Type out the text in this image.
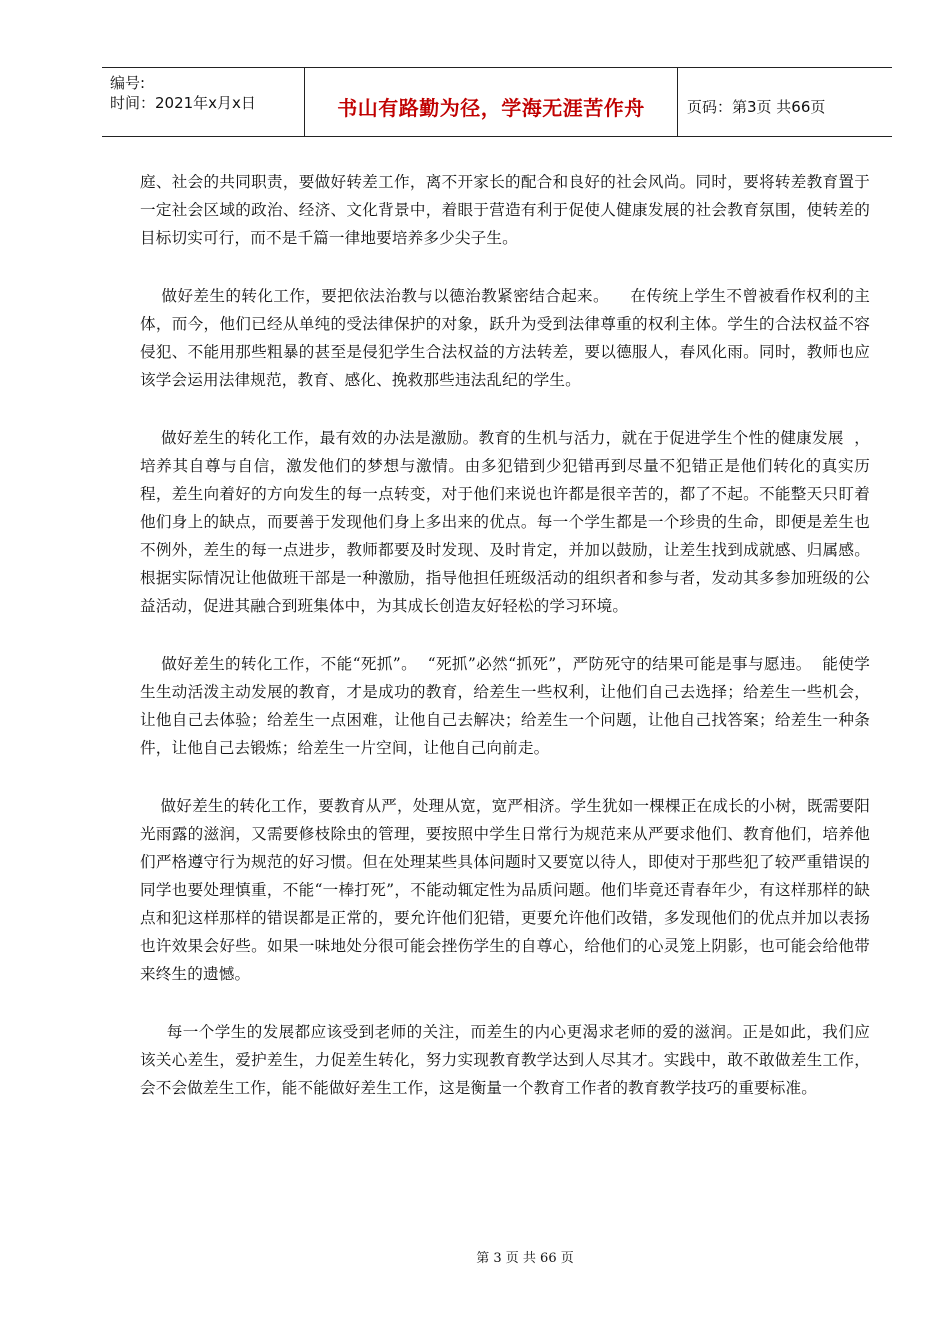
编号:
时间：2021年x月x日	书山有路勤为径，学海无涯苦作舟	页码：第3页 共66页

庭、社会的共同职责，要做好转差工作，离不开家长的配合和良好的社会风尚。同时，要将转差教育置于一定社会区域的政治、经济、文化背景中，着眼于营造有利于促使人健康发展的社会教育氛围，使转差的目标切实可行，而不是千篇一律地要培养多少尖子生。

做好差生的转化工作，要把依法治教与以德治教紧密结合起来。    在传统上学生不曾被看作权利的主体，而今，他们已经从单纯的受法律保护的对象，跃升为受到法律尊重的权利主体。学生的合法权益不容侵犯、不能用那些粗暴的甚至是侵犯学生合法权益的方法转差，要以德服人，春风化雨。同时，教师也应该学会运用法律规范，教育、感化、挽救那些违法乱纪的学生。

做好差生的转化工作，最有效的办法是激励。教育的生机与活力，就在于促进学生个性的健康发展  ，培养其自尊与自信，激发他们的梦想与激情。由多犯错到少犯错再到尽量不犯错正是他们转化的真实历程，差生向着好的方向发生的每一点转变，对于他们来说也许都是很辛苦的，都了不起。不能整天只盯着他们身上的缺点，而要善于发现他们身上多出来的优点。每一个学生都是一个珍贵的生命，即便是差生也不例外，差生的每一点进步，教师都要及时发现、及时肯定，并加以鼓励，让差生找到成就感、归属感。根据实际情况让他做班干部是一种激励，指导他担任班级活动的组织者和参与者，发动其多参加班级的公益活动，促进其融合到班集体中，为其成长创造友好轻松的学习环境。

做好差生的转化工作，不能“死抓”。  “死抓”必然“抓死”，严防死守的结果可能是事与愿违。  能使学生生动活泼主动发展的教育，才是成功的教育，给差生一些权利，让他们自己去选择；给差生一些机会，让他自己去体验；给差生一点困难，让他自己去解决；给差生一个问题，让他自己找答案；给差生一种条件，让他自己去锻炼；给差生一片空间，让他自己向前走。

做好差生的转化工作，要教育从严，处理从宽，宽严相济。学生犹如一棵棵正在成长的小树，既需要阳光雨露的滋润，又需要修枝除虫的管理，要按照中学生日常行为规范来从严要求他们、教育他们，培养他们严格遵守行为规范的好习惯。但在处理某些具体问题时又要宽以待人，即使对于那些犯了较严重错误的同学也要处理慎重，不能“一棒打死”，不能动辄定性为品质问题。他们毕竟还青春年少，有这样那样的缺点和犯这样那样的错误都是正常的，要允许他们犯错，更要允许他们改错，多发现他们的优点并加以表扬也许效果会好些。如果一味地处分很可能会挫伤学生的自尊心，给他们的心灵笼上阴影，也可能会给他带来终生的遗憾。

每一个学生的发展都应该受到老师的关注，而差生的内心更渴求老师的爱的滋润。正是如此，我们应该关心差生，爱护差生，力促差生转化，努力实现教育教学达到人尽其才。实践中，敢不敢做差生工作，会不会做差生工作，能不能做好差生工作，这是衡量一个教育工作者的教育教学技巧的重要标准。

第 3 页 共 66 页
